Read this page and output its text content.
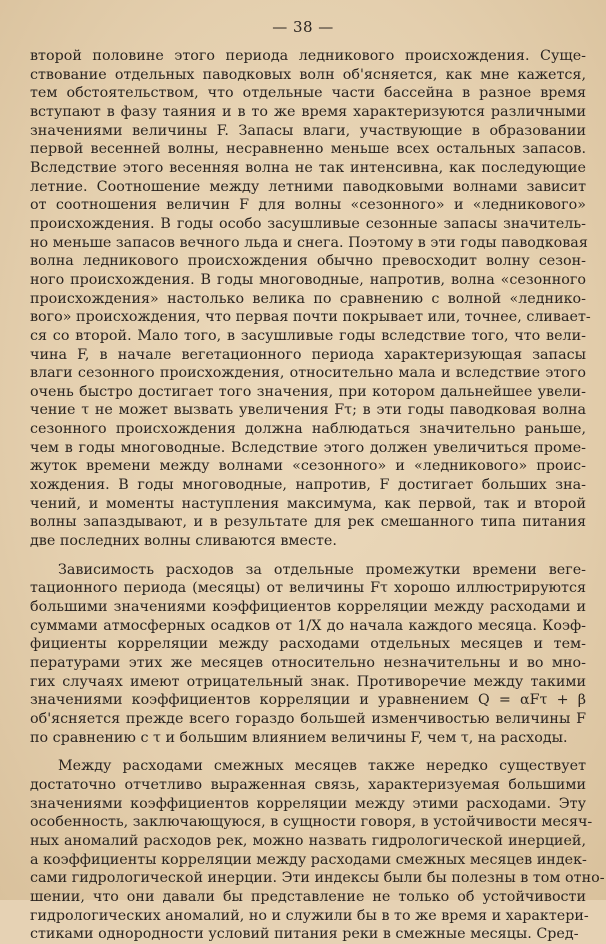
— 38 —
второй половине этого периода ледникового происхождения. Суще-
ствование отдельных паводковых волн об'ясняется, как мне кажется,
тем обстоятельством, что отдельные части бассейна в разное время
вступают в фазу таяния и в то же время характеризуются различными
значениями величины F. Запасы влаги, участвующие в образовании
первой весенней волны, несравненно меньше всех остальных запасов.
Вследствие этого весенняя волна не так интенсивна, как последующие
летние. Соотношение между летними паводковыми волнами зависит
от соотношения величин F для волны «сезонного» и «ледникового»
происхождения. В годы особо засушливые сезонные запасы значитель-
но меньше запасов вечного льда и снега. Поэтому в эти годы паводковая
волна ледникового происхождения обычно превосходит волну сезон-
ного происхождения. В годы многоводные, напротив, волна «сезонного
происхождения» настолько велика по сравнению с волной «леднико-
вого» происхождения, что первая почти покрывает или, точнее, сливает-
ся со второй. Мало того, в засушливые годы вследствие того, что вели-
чина F, в начале вегетационного периода характеризующая запасы
влаги сезонного происхождения, относительно мала и вследствие этого
очень быстро достигает того значения, при котором дальнейшее увели-
чение τ не может вызвать увеличения Fτ; в эти годы паводковая волна
сезонного происхождения должна наблюдаться значительно раньше,
чем в годы многоводные. Вследствие этого должен увеличиться проме-
жуток времени между волнами «сезонного» и «ледникового» проис-
хождения. В годы многоводные, напротив, F достигает больших зна-
чений, и моменты наступления максимума, как первой, так и второй
волны запаздывают, и в результате для рек смешанного типа питания
две последних волны сливаются вместе.
Зависимость расходов за отдельные промежутки времени веге-
тационного периода (месяцы) от величины Fτ хорошо иллюстрируются
большими значениями коэффициентов корреляции между расходами и
суммами атмосферных осадков от 1/X до начала каждого месяца. Коэф-
фициенты корреляции между расходами отдельных месяцев и тем-
пературами этих же месяцев относительно незначительны и во мно-
гих случаях имеют отрицательный знак. Противоречие между такими
значениями коэффициентов корреляции и уравнением Q = αFτ + β
об'ясняется прежде всего гораздо большей изменчивостью величины F
по сравнению с τ и большим влиянием величины F, чем τ, на расходы.
Между расходами смежных месяцев также нередко существует
достаточно отчетливо выраженная связь, характеризуемая большими
значениями коэффициентов корреляции между этими расходами. Эту
особенность, заключающуюся, в сущности говоря, в устойчивости месяч-
ных аномалий расходов рек, можно назвать гидрологической инерцией,
а коэффициенты корреляции между расходами смежных месяцев индек-
сами гидрологической инерции. Эти индексы были бы полезны в том отно-
шении, что они давали бы представление не только об устойчивости
гидрологических аномалий, но и служили бы в то же время и характери-
стиками однородности условий питания реки в смежные месяцы. Сред-
